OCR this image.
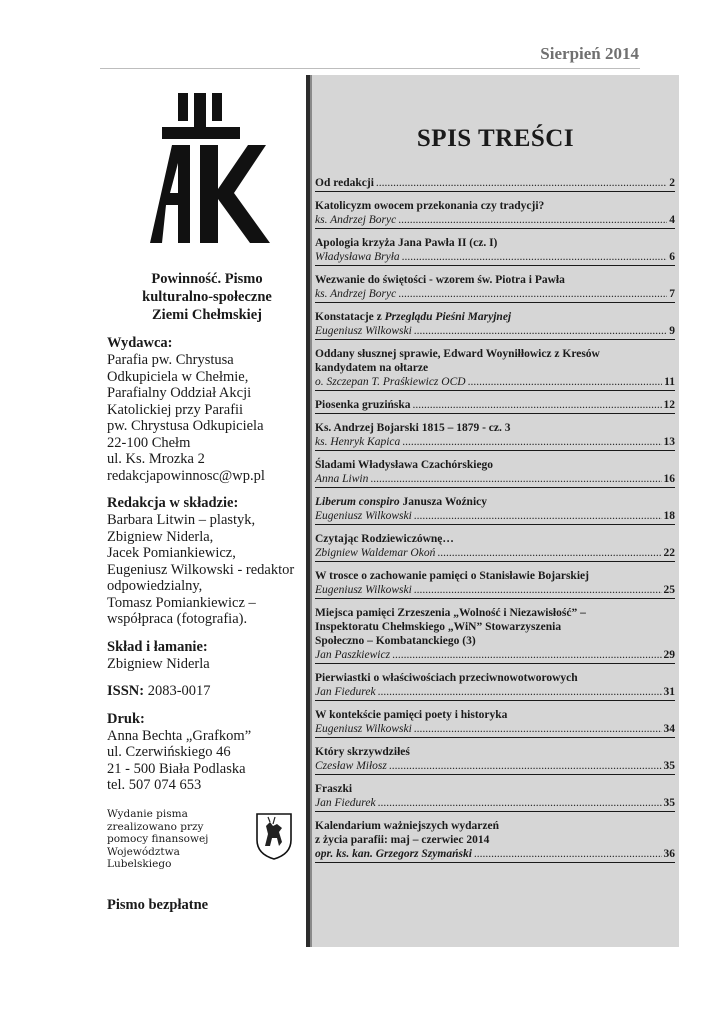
Sierpień 2014
Powinność. Pismo
kulturalno-społeczne
Ziemi Chełmskiej
Wydawca:
Parafia pw. Chrystusa
Odkupiciela w Chełmie,
Parafialny Oddział Akcji
Katolickiej przy Parafii
pw. Chrystusa Odkupiciela
22-100 Chełm
ul. Ks. Mrozka 2
redakcjapowinnosc@wp.pl
Redakcja w składzie:
Barbara Litwin – plastyk,
Zbigniew Niderla,
Jacek Pomiankiewicz,
Eugeniusz Wilkowski - redaktor
odpowiedzialny,
Tomasz Pomiankiewicz –
współpraca (fotografia).
Skład i łamanie:
Zbigniew Niderla
ISSN: 2083-0017
Druk:
Anna Bechta „Grafkom”
ul. Czerwińskiego 46
21 - 500 Biała Podlaska
tel. 507 074 653
Wydanie pisma
zrealizowano przy
pomocy finansowej
Województwa Lubelskiego
Pismo bezpłatne
SPIS TREŚCI
Od redakcji .....	2
Katolicyzm owocem przekonania czy tradycji?
ks. Andrzej Boryc .....	4
Apologia krzyża Jana Pawła II (cz. I)
Władysława Bryła .....	6
Wezwanie do świętości - wzorem św. Piotra i Pawła
ks. Andrzej Boryc .....	7
Konstatacje z Przeglądu Pieśni Maryjnej
Eugeniusz Wilkowski .....	9
Oddany słusznej sprawie, Edward Woyniłłowicz z Kresów
kandydatem na ołtarze
o. Szczepan T. Praśkiewicz OCD .....	11
Piosenka gruzińska .....	12
Ks. Andrzej Bojarski 1815 – 1879 - cz. 3
ks. Henryk Kapica .....	13
Śladami Władysława Czachórskiego
Anna Liwin .....	16
Liberum conspiro Janusza Woźnicy
Eugeniusz Wilkowski .....	18
Czytając Rodziewiczównę…
Zbigniew Waldemar Okoń .....	22
W trosce o zachowanie pamięci o Stanisławie Bojarskiej
Eugeniusz Wilkowski .....	25
Miejsca pamięci Zrzeszenia „Wolność i Niezawisłość” –
Inspektoratu Chełmskiego „WiN” Stowarzyszenia
Społeczno – Kombatanckiego (3)
Jan Paszkiewicz .....	29
Pierwiastki o właściwościach przeciwnowotworowych
Jan Fiedurek .....	31
W kontekście pamięci poety i historyka
Eugeniusz Wilkowski .....	34
Który skrzywdziłeś
Czesław Miłosz .....	35
Fraszki
Jan Fiedurek .....	35
Kalendarium ważniejszych wydarzeń
z życia parafii: maj – czerwiec 2014
opr. ks. kan. Grzegorz Szymański .....	36
